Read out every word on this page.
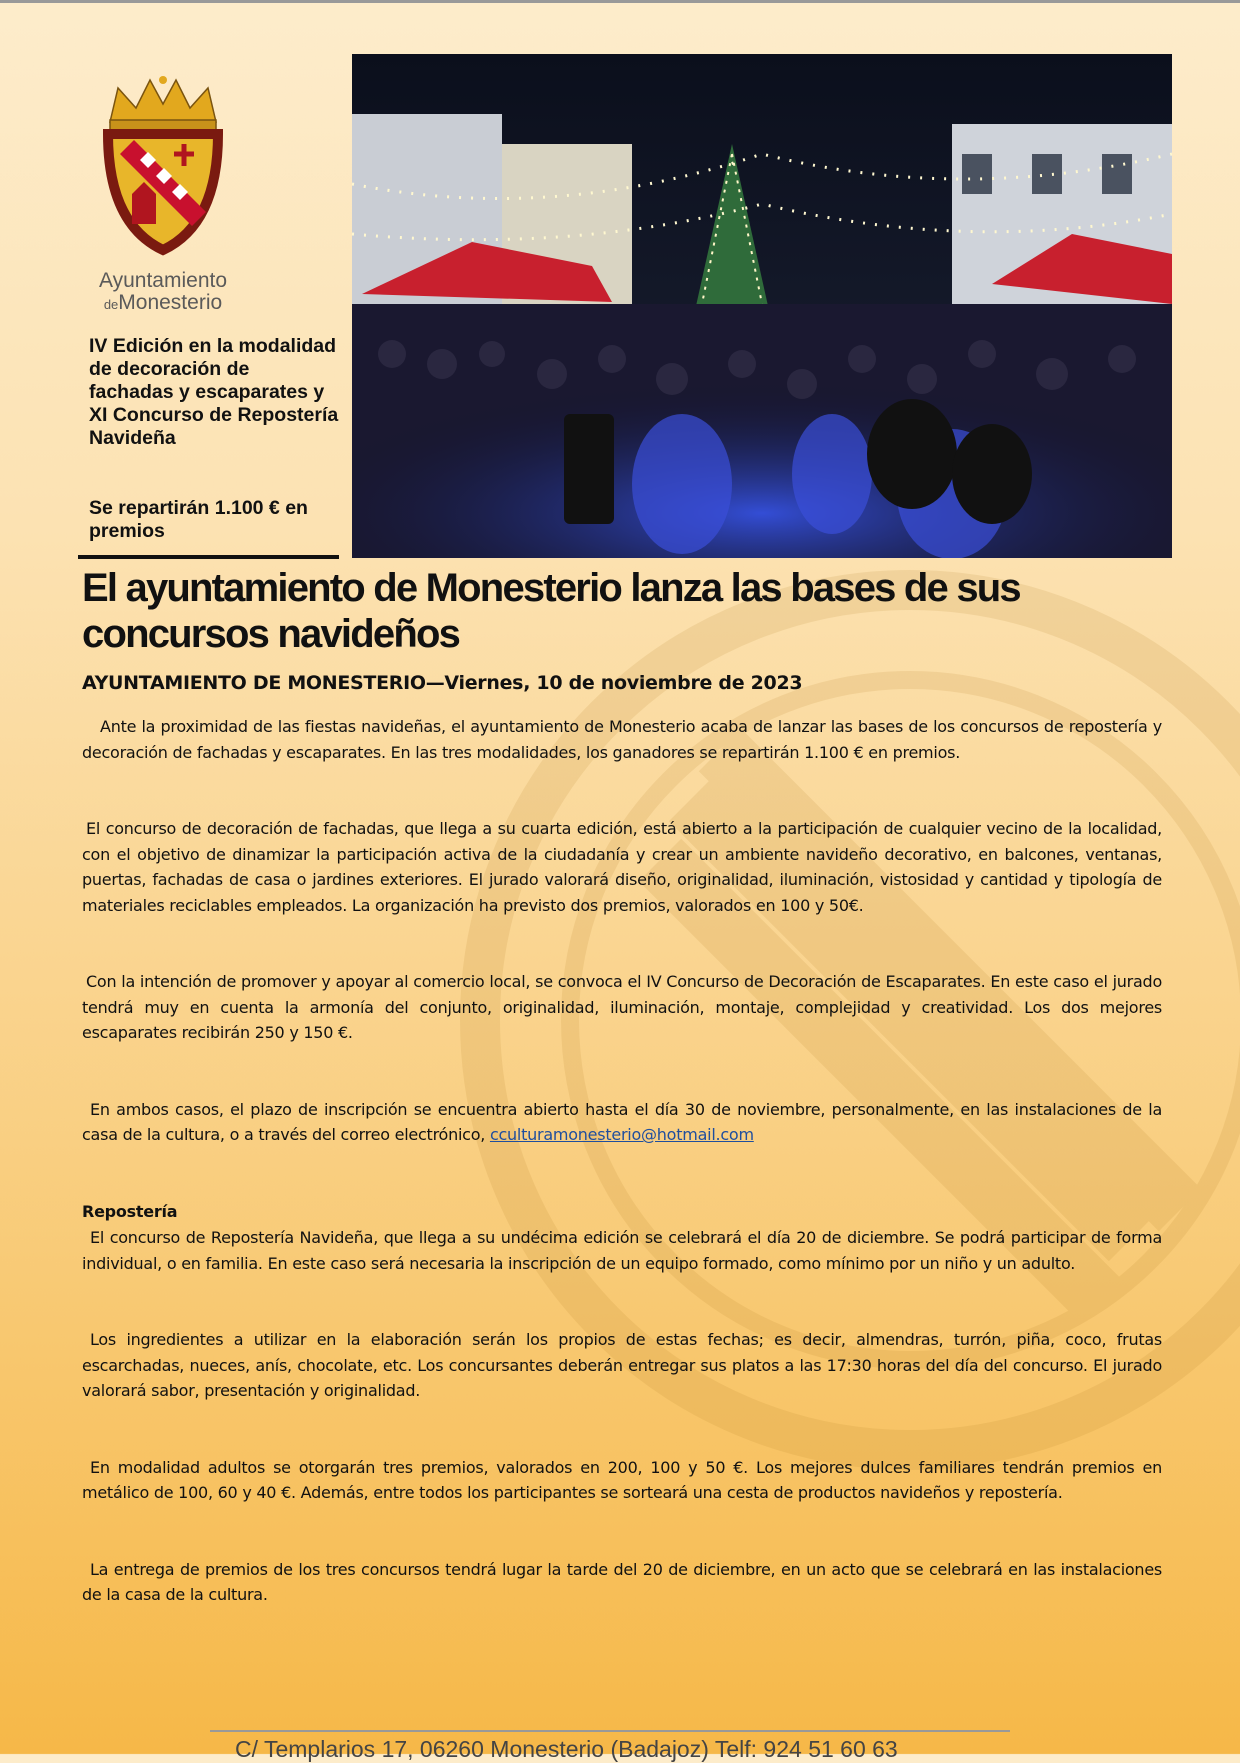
Ayuntamiento
deMonesterio
IV Edición en la modalidad de decoración de fachadas y escaparates y XI Concurso de Repostería Navideña
Se repartirán 1.100 € en premios
El ayuntamiento de Monesterio lanza las bases de sus concursos navideños
AYUNTAMIENTO DE MONESTERIO—Viernes, 10 de noviembre de 2023

Ante la proximidad de las fiestas navideñas, el ayuntamiento de Monesterio acaba de lanzar las bases de los concursos de repostería y decoración de fachadas y escaparates. En las tres modalidades, los ganadores se repartirán 1.100 € en premios.

El concurso de decoración de fachadas, que llega a su cuarta edición, está abierto a la participación de cualquier vecino de la localidad, con el objetivo de dinamizar la participación activa de la ciudadanía y crear un ambiente navideño decorativo, en balcones, ventanas, puertas, fachadas de casa o jardines exteriores. El jurado valorará diseño, originalidad, iluminación, vistosidad y cantidad y tipología de materiales reciclables empleados. La organización ha previsto dos premios, valorados en 100 y 50€.

Con la intención de promover y apoyar al comercio local, se convoca el IV Concurso de Decoración de Escaparates. En este caso el jurado tendrá muy en cuenta la armonía del conjunto, originalidad, iluminación, montaje, complejidad y creatividad. Los dos mejores escaparates recibirán 250 y 150 €.

En ambos casos, el plazo de inscripción se encuentra abierto hasta el día 30 de noviembre, personalmente, en las instalaciones de la casa de la cultura, o a través del correo electrónico, cculturamonesterio@hotmail.com

Repostería

El concurso de Repostería Navideña, que llega a su undécima edición se celebrará el día 20 de diciembre. Se podrá participar de forma individual, o en familia. En este caso será necesaria la inscripción de un equipo formado, como mínimo por un niño y un adulto.

Los ingredientes a utilizar en la elaboración serán los propios de estas fechas; es decir, almendras, turrón, piña, coco, frutas escarchadas, nueces, anís, chocolate, etc. Los concursantes deberán entregar sus platos a las 17:30 horas del día del concurso. El jurado valorará sabor, presentación y originalidad.

En modalidad adultos se otorgarán tres premios, valorados en 200, 100 y 50 €. Los mejores dulces familiares tendrán premios en metálico de 100, 60 y 40 €. Además, entre todos los participantes se sorteará una cesta de productos navideños y repostería.

La entrega de premios de los tres concursos tendrá lugar la tarde del 20 de diciembre, en un acto que se celebrará en las instalaciones de la casa de la cultura.

C/ Templarios 17, 06260 Monesterio (Badajoz) Telf: 924 51 60 63
